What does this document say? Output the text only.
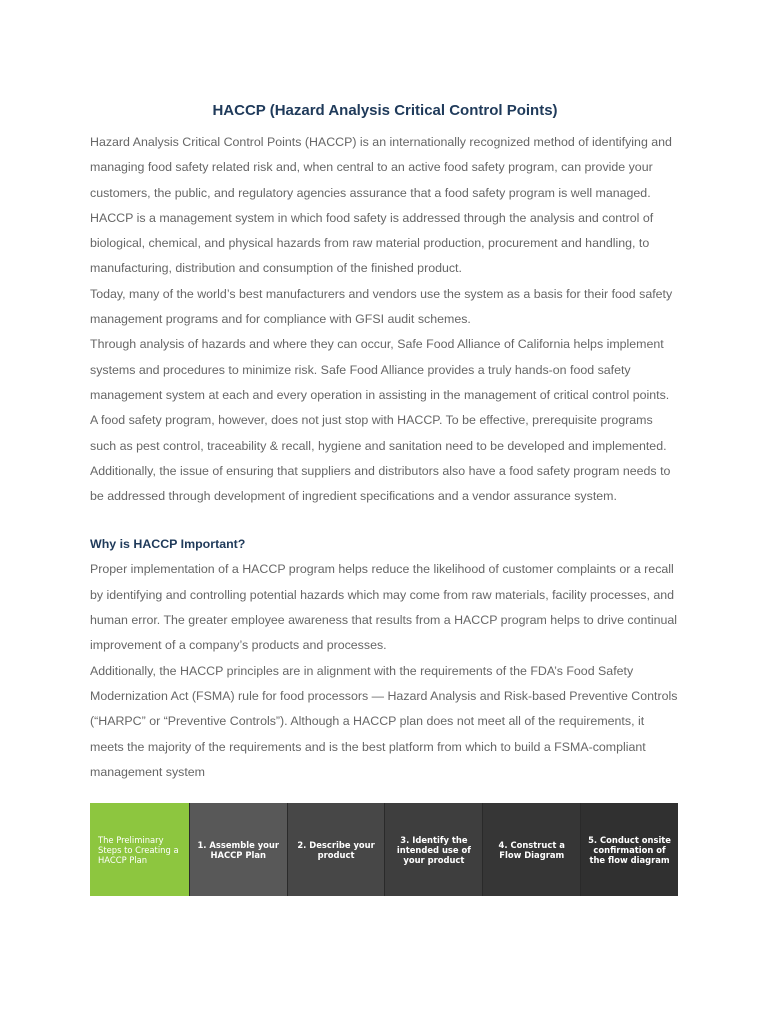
HACCP (Hazard Analysis Critical Control Points)

Hazard Analysis Critical Control Points (HACCP) is an internationally recognized method of identifying and managing food safety related risk and, when central to an active food safety program, can provide your customers, the public, and regulatory agencies assurance that a food safety program is well managed.

HACCP is a management system in which food safety is addressed through the analysis and control of biological, chemical, and physical hazards from raw material production, procurement and handling, to manufacturing, distribution and consumption of the finished product.

Today, many of the world’s best manufacturers and vendors use the system as a basis for their food safety management programs and for compliance with GFSI audit schemes.

Through analysis of hazards and where they can occur, Safe Food Alliance of California helps implement systems and procedures to minimize risk. Safe Food Alliance provides a truly hands-on food safety management system at each and every operation in assisting in the management of critical control points.

A food safety program, however, does not just stop with HACCP. To be effective, prerequisite programs such as pest control, traceability & recall, hygiene and sanitation need to be developed and implemented.

Additionally, the issue of ensuring that suppliers and distributors also have a food safety program needs to be addressed through development of ingredient specifications and a vendor assurance system.

Why is HACCP Important?

Proper implementation of a HACCP program helps reduce the likelihood of customer complaints or a recall by identifying and controlling potential hazards which may come from raw materials, facility processes, and human error. The greater employee awareness that results from a HACCP program helps to drive continual improvement of a company’s products and processes.

Additionally, the HACCP principles are in alignment with the requirements of the FDA’s Food Safety Modernization Act (FSMA) rule for food processors — Hazard Analysis and Risk-based Preventive Controls (“HARPC” or “Preventive Controls”). Although a HACCP plan does not meet all of the requirements, it meets the majority of the requirements and is the best platform from which to build a FSMA-compliant management system

The Preliminary Steps to Creating a HACCP Plan
1. Assemble your HACCP Plan
2. Describe your product
3. Identify the intended use of your product
4. Construct a Flow Diagram
5. Conduct onsite confirmation of the flow diagram
